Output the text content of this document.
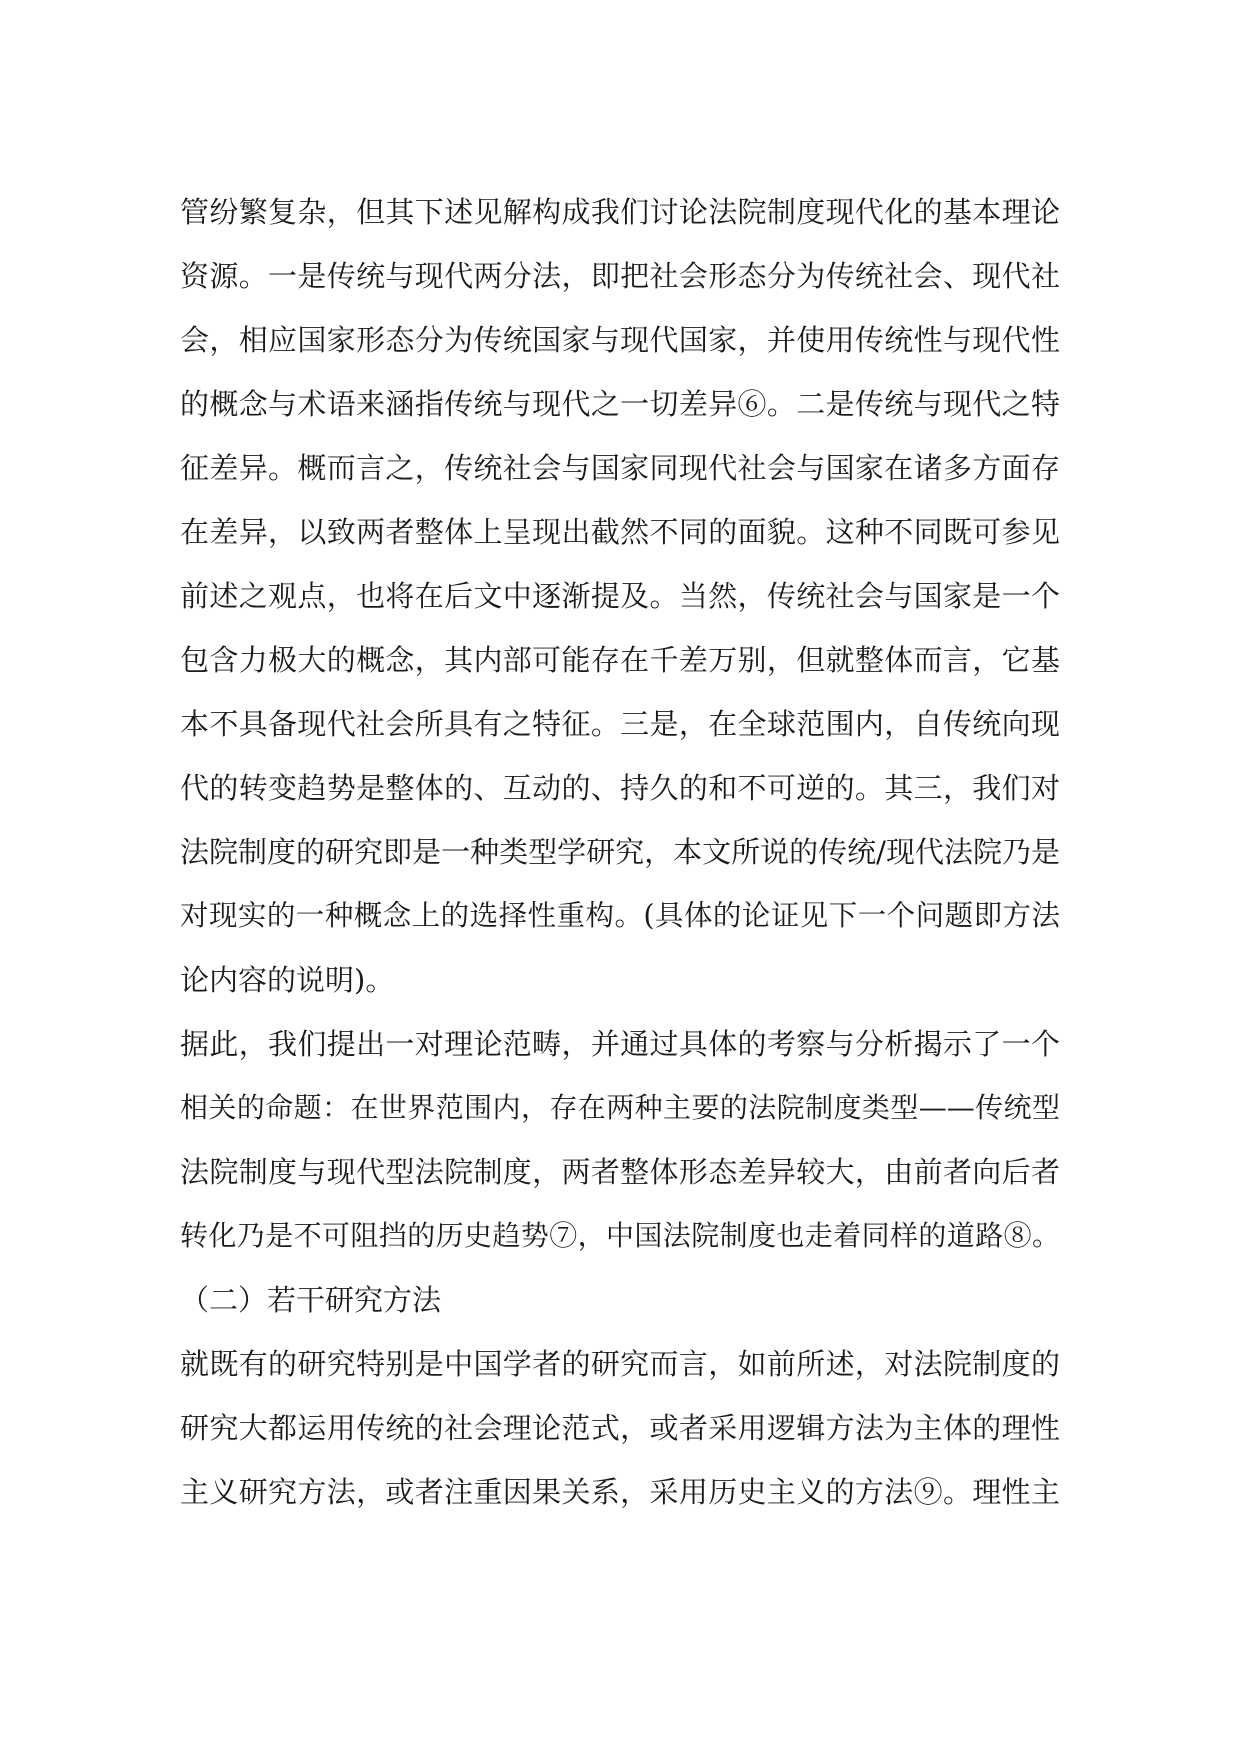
管纷繁复杂，但其下述见解构成我们讨论法院制度现代化的基本理论
资源。一是传统与现代两分法，即把社会形态分为传统社会、现代社
会，相应国家形态分为传统国家与现代国家，并使用传统性与现代性
的概念与术语来涵指传统与现代之一切差异⑥。二是传统与现代之特
征差异。概而言之，传统社会与国家同现代社会与国家在诸多方面存
在差异，以致两者整体上呈现出截然不同的面貌。这种不同既可参见
前述之观点，也将在后文中逐渐提及。当然，传统社会与国家是一个
包含力极大的概念，其内部可能存在千差万别，但就整体而言，它基
本不具备现代社会所具有之特征。三是，在全球范围内，自传统向现
代的转变趋势是整体的、互动的、持久的和不可逆的。其三，我们对
法院制度的研究即是一种类型学研究，本文所说的传统/现代法院乃是
对现实的一种概念上的选择性重构。(具体的论证见下一个问题即方法
论内容的说明)。
据此，我们提出一对理论范畴，并通过具体的考察与分析揭示了一个
相关的命题：在世界范围内，存在两种主要的法院制度类型——传统型
法院制度与现代型法院制度，两者整体形态差异较大，由前者向后者
转化乃是不可阻挡的历史趋势⑦，中国法院制度也走着同样的道路⑧。
（二）若干研究方法
就既有的研究特别是中国学者的研究而言，如前所述，对法院制度的
研究大都运用传统的社会理论范式，或者采用逻辑方法为主体的理性
主义研究方法，或者注重因果关系，采用历史主义的方法⑨。理性主
